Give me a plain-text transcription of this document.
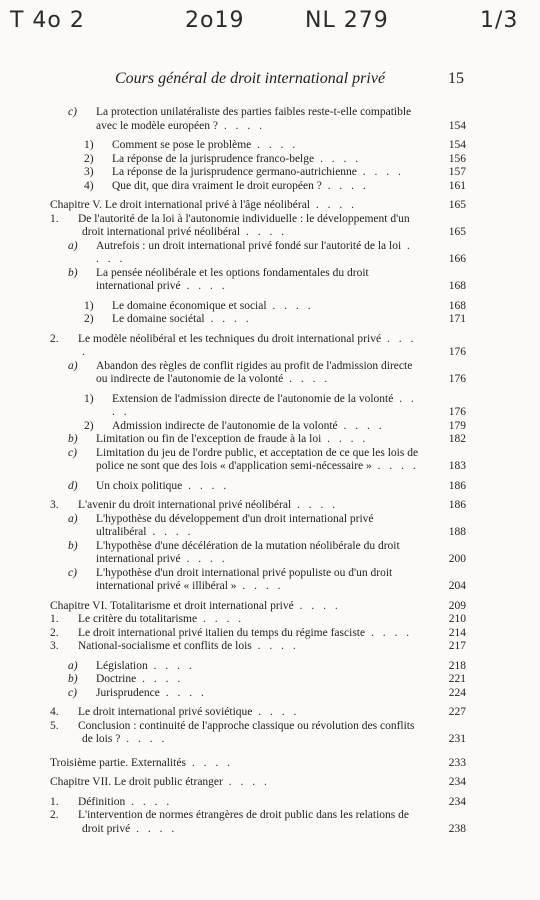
T 4o 2	2o19	NL 279	1/3
Cours général de droit international privé	15
c) La protection unilatéraliste des parties faibles reste-t-elle compatible avec le modèle européen ? . . . .	154
1) Comment se pose le problème . . . .	154
2) La réponse de la jurisprudence franco-belge . . . .	156
3) La réponse de la jurisprudence germano-autrichienne . . . .	157
4) Que dit, que dira vraiment le droit européen ? . . . .	161
Chapitre V. Le droit international privé à l'âge néolibéral . . . .	165
1. De l'autorité de la loi à l'autonomie individuelle : le développement d'un droit international privé néolibéral . . . .	165
a) Autrefois : un droit international privé fondé sur l'autorité de la loi . . . .	166
b) La pensée néolibérale et les options fondamentales du droit international privé . . . .	168
1) Le domaine économique et social . . . .	168
2) Le domaine sociétal . . . .	171
2. Le modèle néolibéral et les techniques du droit international privé . . . .	176
a) Abandon des règles de conflit rigides au profit de l'admission directe ou indirecte de l'autonomie de la volonté . . . .	176
1) Extension de l'admission directe de l'autonomie de la volonté . . . .	176
2) Admission indirecte de l'autonomie de la volonté . . . .	179
b) Limitation ou fin de l'exception de fraude à la loi . . . .	182
c) Limitation du jeu de l'ordre public, et acceptation de ce que les lois de police ne sont que des lois « d'application semi-nécessaire » . . . .	183
d) Un choix politique . . . .	186
3. L'avenir du droit international privé néolibéral . . . .	186
a) L'hypothèse du développement d'un droit international privé ultralibéral . . . .	188
b) L'hypothèse d'une décélération de la mutation néolibérale du droit international privé . . . .	200
c) L'hypothèse d'un droit international privé populiste ou d'un droit international privé « illibéral » . . . .	204
Chapitre VI. Totalitarisme et droit international privé . . . .	209
1. Le critère du totalitarisme . . . .	210
2. Le droit international privé italien du temps du régime fasciste . . . .	214
3. National-socialisme et conflits de lois . . . .	217
a) Législation . . . .	218
b) Doctrine . . . .	221
c) Jurisprudence . . . .	224
4. Le droit international privé soviétique . . . .	227
5. Conclusion : continuité de l'approche classique ou révolution des conflits de lois ? . . . .	231
Troisième partie. Externalités . . . .	233
Chapitre VII. Le droit public étranger . . . .	234
1. Définition . . . .	234
2. L'intervention de normes étrangères de droit public dans les relations de droit privé . . . .	238
